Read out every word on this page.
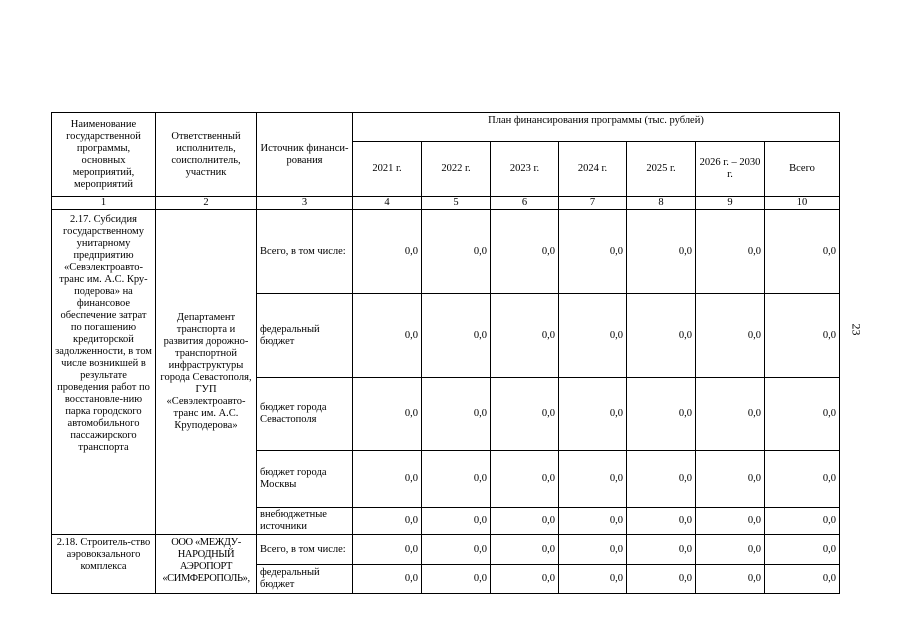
Наименование государственной программы, основных мероприятий, мероприятий	Ответственный исполнитель, соисполнитель, участник	Источник финанси-рования	План финансирования программы (тыс. рублей)						
			2021 г.	2022 г.	2023 г.	2024 г.	2025 г.	2026 г. – 2030 г.	Всего
1	2	3	4	5	6	7	8	9	10
2.17. Субсидия государственному унитарному предприятию «Севэлектроавто-транс им. А.С. Кру-подерова» на финансовое обеспечение затрат по погашению кредиторской задолженности, в том числе возникшей в результате проведения работ по восстановле-нию парка городского автомобильного пассажирского транспорта	Департамент транспорта и развития дорожно-транспортной инфраструктуры города Севастополя, ГУП «Севэлектроавто-транс им. А.С. Круподерова»	Всего, в том числе:	0,0	0,0	0,0	0,0	0,0	0,0	0,0
		федеральный бюджет	0,0	0,0	0,0	0,0	0,0	0,0	0,0
		бюджет города Севастополя	0,0	0,0	0,0	0,0	0,0	0,0	0,0
		бюджет города Москвы	0,0	0,0	0,0	0,0	0,0	0,0	0,0
		внебюджетные источники	0,0	0,0	0,0	0,0	0,0	0,0	0,0
2.18. Строитель-ство аэровокзального комплекса	ООО «МЕЖДУ-НАРОДНЫЙ АЭРОПОРТ «СИМФЕРОПОЛЬ»,	Всего, в том числе:	0,0	0,0	0,0	0,0	0,0	0,0	0,0
		федеральный бюджет	0,0	0,0	0,0	0,0	0,0	0,0	0,0
23
